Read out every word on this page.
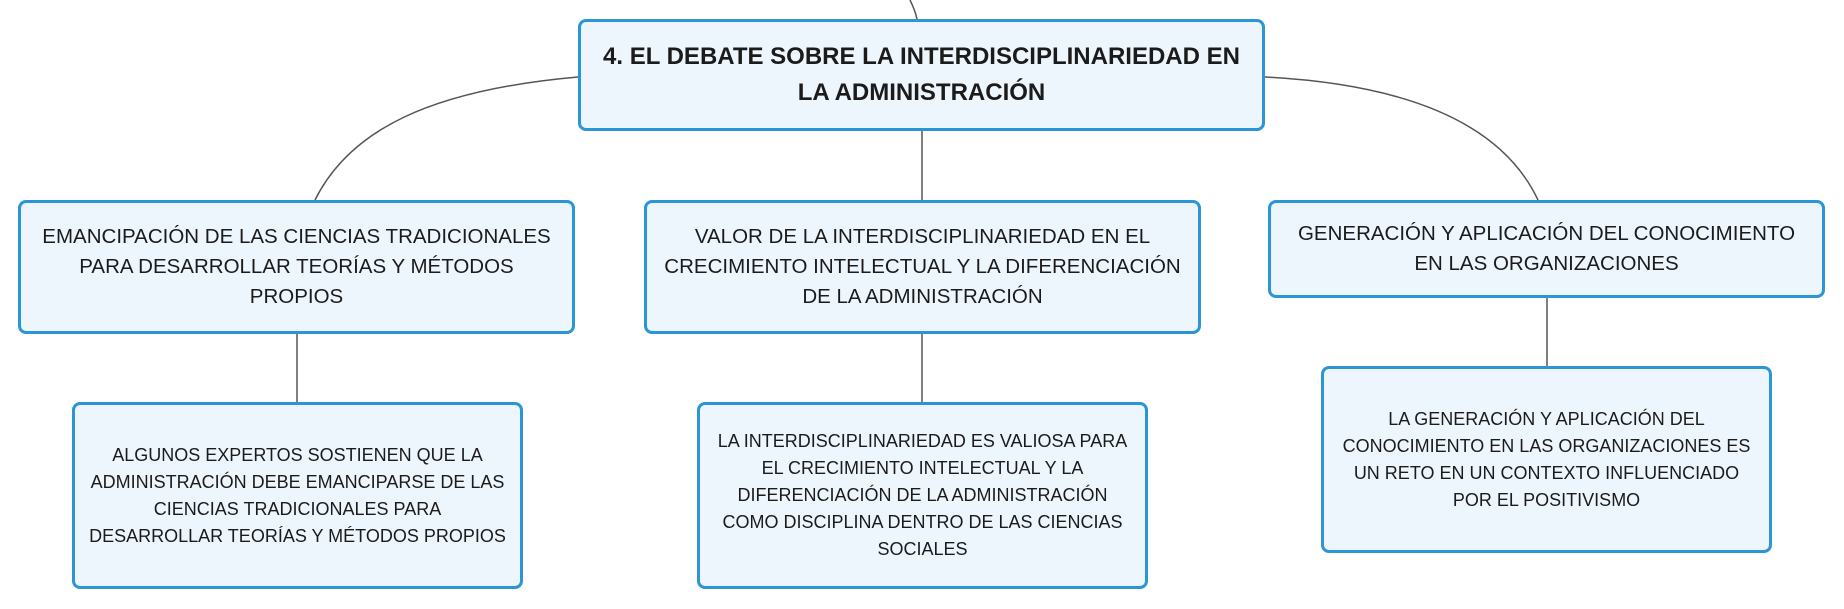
4. EL DEBATE SOBRE LA INTERDISCIPLINARIEDAD EN LA ADMINISTRACIÓN
EMANCIPACIÓN DE LAS CIENCIAS TRADICIONALES PARA DESARROLLAR TEORÍAS Y MÉTODOS PROPIOS
VALOR DE LA INTERDISCIPLINARIEDAD EN EL CRECIMIENTO INTELECTUAL Y LA DIFERENCIACIÓN DE LA ADMINISTRACIÓN
GENERACIÓN Y APLICACIÓN DEL CONOCIMIENTO EN LAS ORGANIZACIONES
ALGUNOS EXPERTOS SOSTIENEN QUE LA ADMINISTRACIÓN DEBE EMANCIPARSE DE LAS CIENCIAS TRADICIONALES PARA DESARROLLAR TEORÍAS Y MÉTODOS PROPIOS
LA INTERDISCIPLINARIEDAD ES VALIOSA PARA EL CRECIMIENTO INTELECTUAL Y LA DIFERENCIACIÓN DE LA ADMINISTRACIÓN COMO DISCIPLINA DENTRO DE LAS CIENCIAS SOCIALES
LA GENERACIÓN Y APLICACIÓN DEL CONOCIMIENTO EN LAS ORGANIZACIONES ES UN RETO EN UN CONTEXTO INFLUENCIADO POR EL POSITIVISMO
